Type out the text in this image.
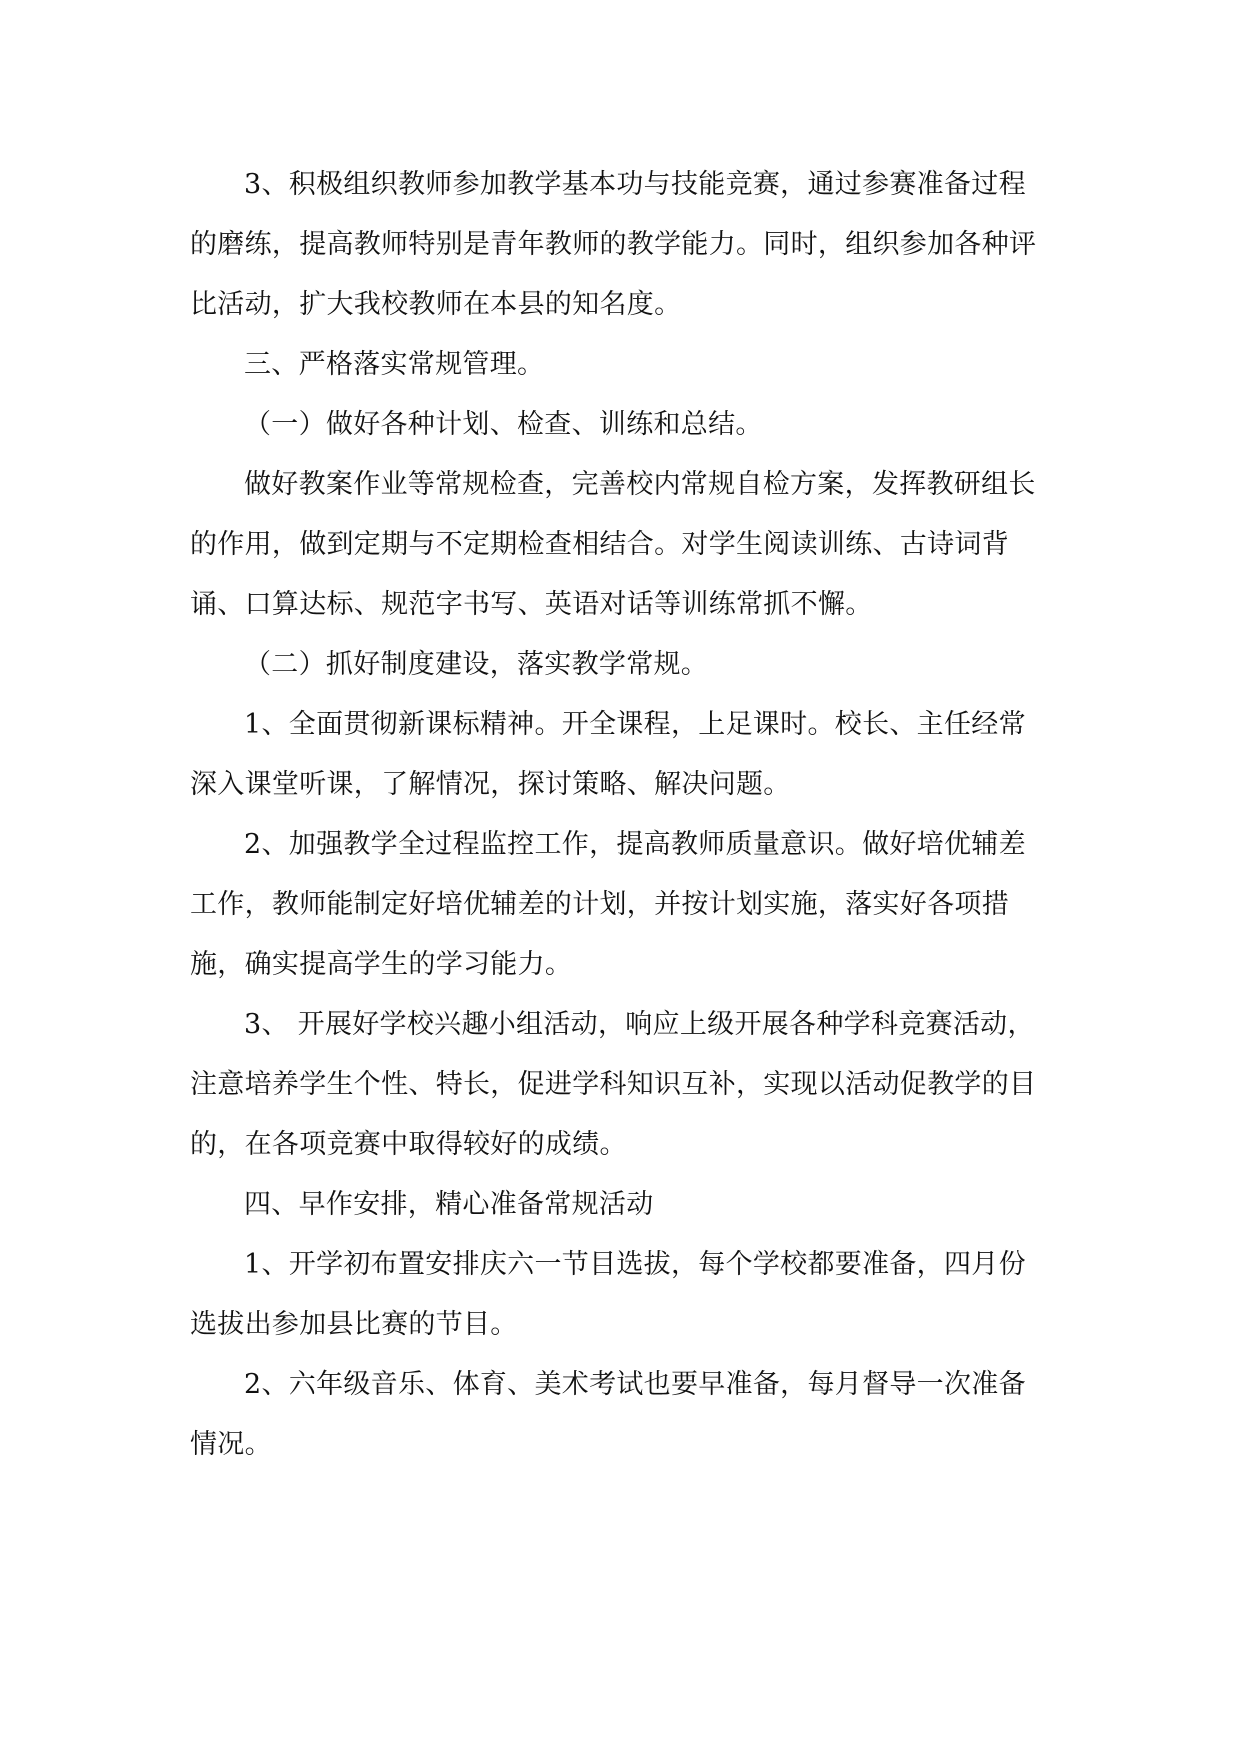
3、积极组织教师参加教学基本功与技能竞赛，通过参赛准备过程的磨练，提高教师特别是青年教师的教学能力。同时，组织参加各种评比活动，扩大我校教师在本县的知名度。

三、严格落实常规管理。

（一）做好各种计划、检查、训练和总结。

做好教案作业等常规检查，完善校内常规自检方案，发挥教研组长的作用，做到定期与不定期检查相结合。对学生阅读训练、古诗词背诵、口算达标、规范字书写、英语对话等训练常抓不懈。

（二）抓好制度建设，落实教学常规。

1、全面贯彻新课标精神。开全课程，上足课时。校长、主任经常深入课堂听课，了解情况，探讨策略、解决问题。

2、加强教学全过程监控工作，提高教师质量意识。做好培优辅差工作，教师能制定好培优辅差的计划，并按计划实施，落实好各项措施，确实提高学生的学习能力。

3、 开展好学校兴趣小组活动，响应上级开展各种学科竞赛活动，注意培养学生个性、特长，促进学科知识互补，实现以活动促教学的目的，在各项竞赛中取得较好的成绩。

四、早作安排，精心准备常规活动

1、开学初布置安排庆六一节目选拔，每个学校都要准备，四月份选拔出参加县比赛的节目。

2、六年级音乐、体育、美术考试也要早准备，每月督导一次准备情况。
